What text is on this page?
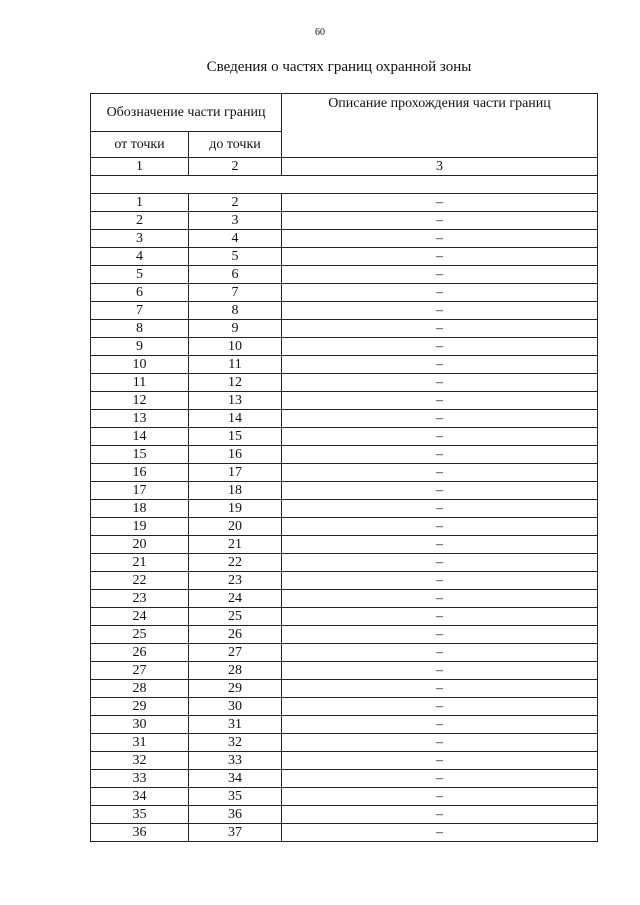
60
Сведения о частях границ охранной зоны
Обозначение части границ		Описание прохождения части границ
от точки	до точки	
1	2	3

1	2	–
2	3	–
3	4	–
4	5	–
5	6	–
6	7	–
7	8	–
8	9	–
9	10	–
10	11	–
11	12	–
12	13	–
13	14	–
14	15	–
15	16	–
16	17	–
17	18	–
18	19	–
19	20	–
20	21	–
21	22	–
22	23	–
23	24	–
24	25	–
25	26	–
26	27	–
27	28	–
28	29	–
29	30	–
30	31	–
31	32	–
32	33	–
33	34	–
34	35	–
35	36	–
36	37	–
